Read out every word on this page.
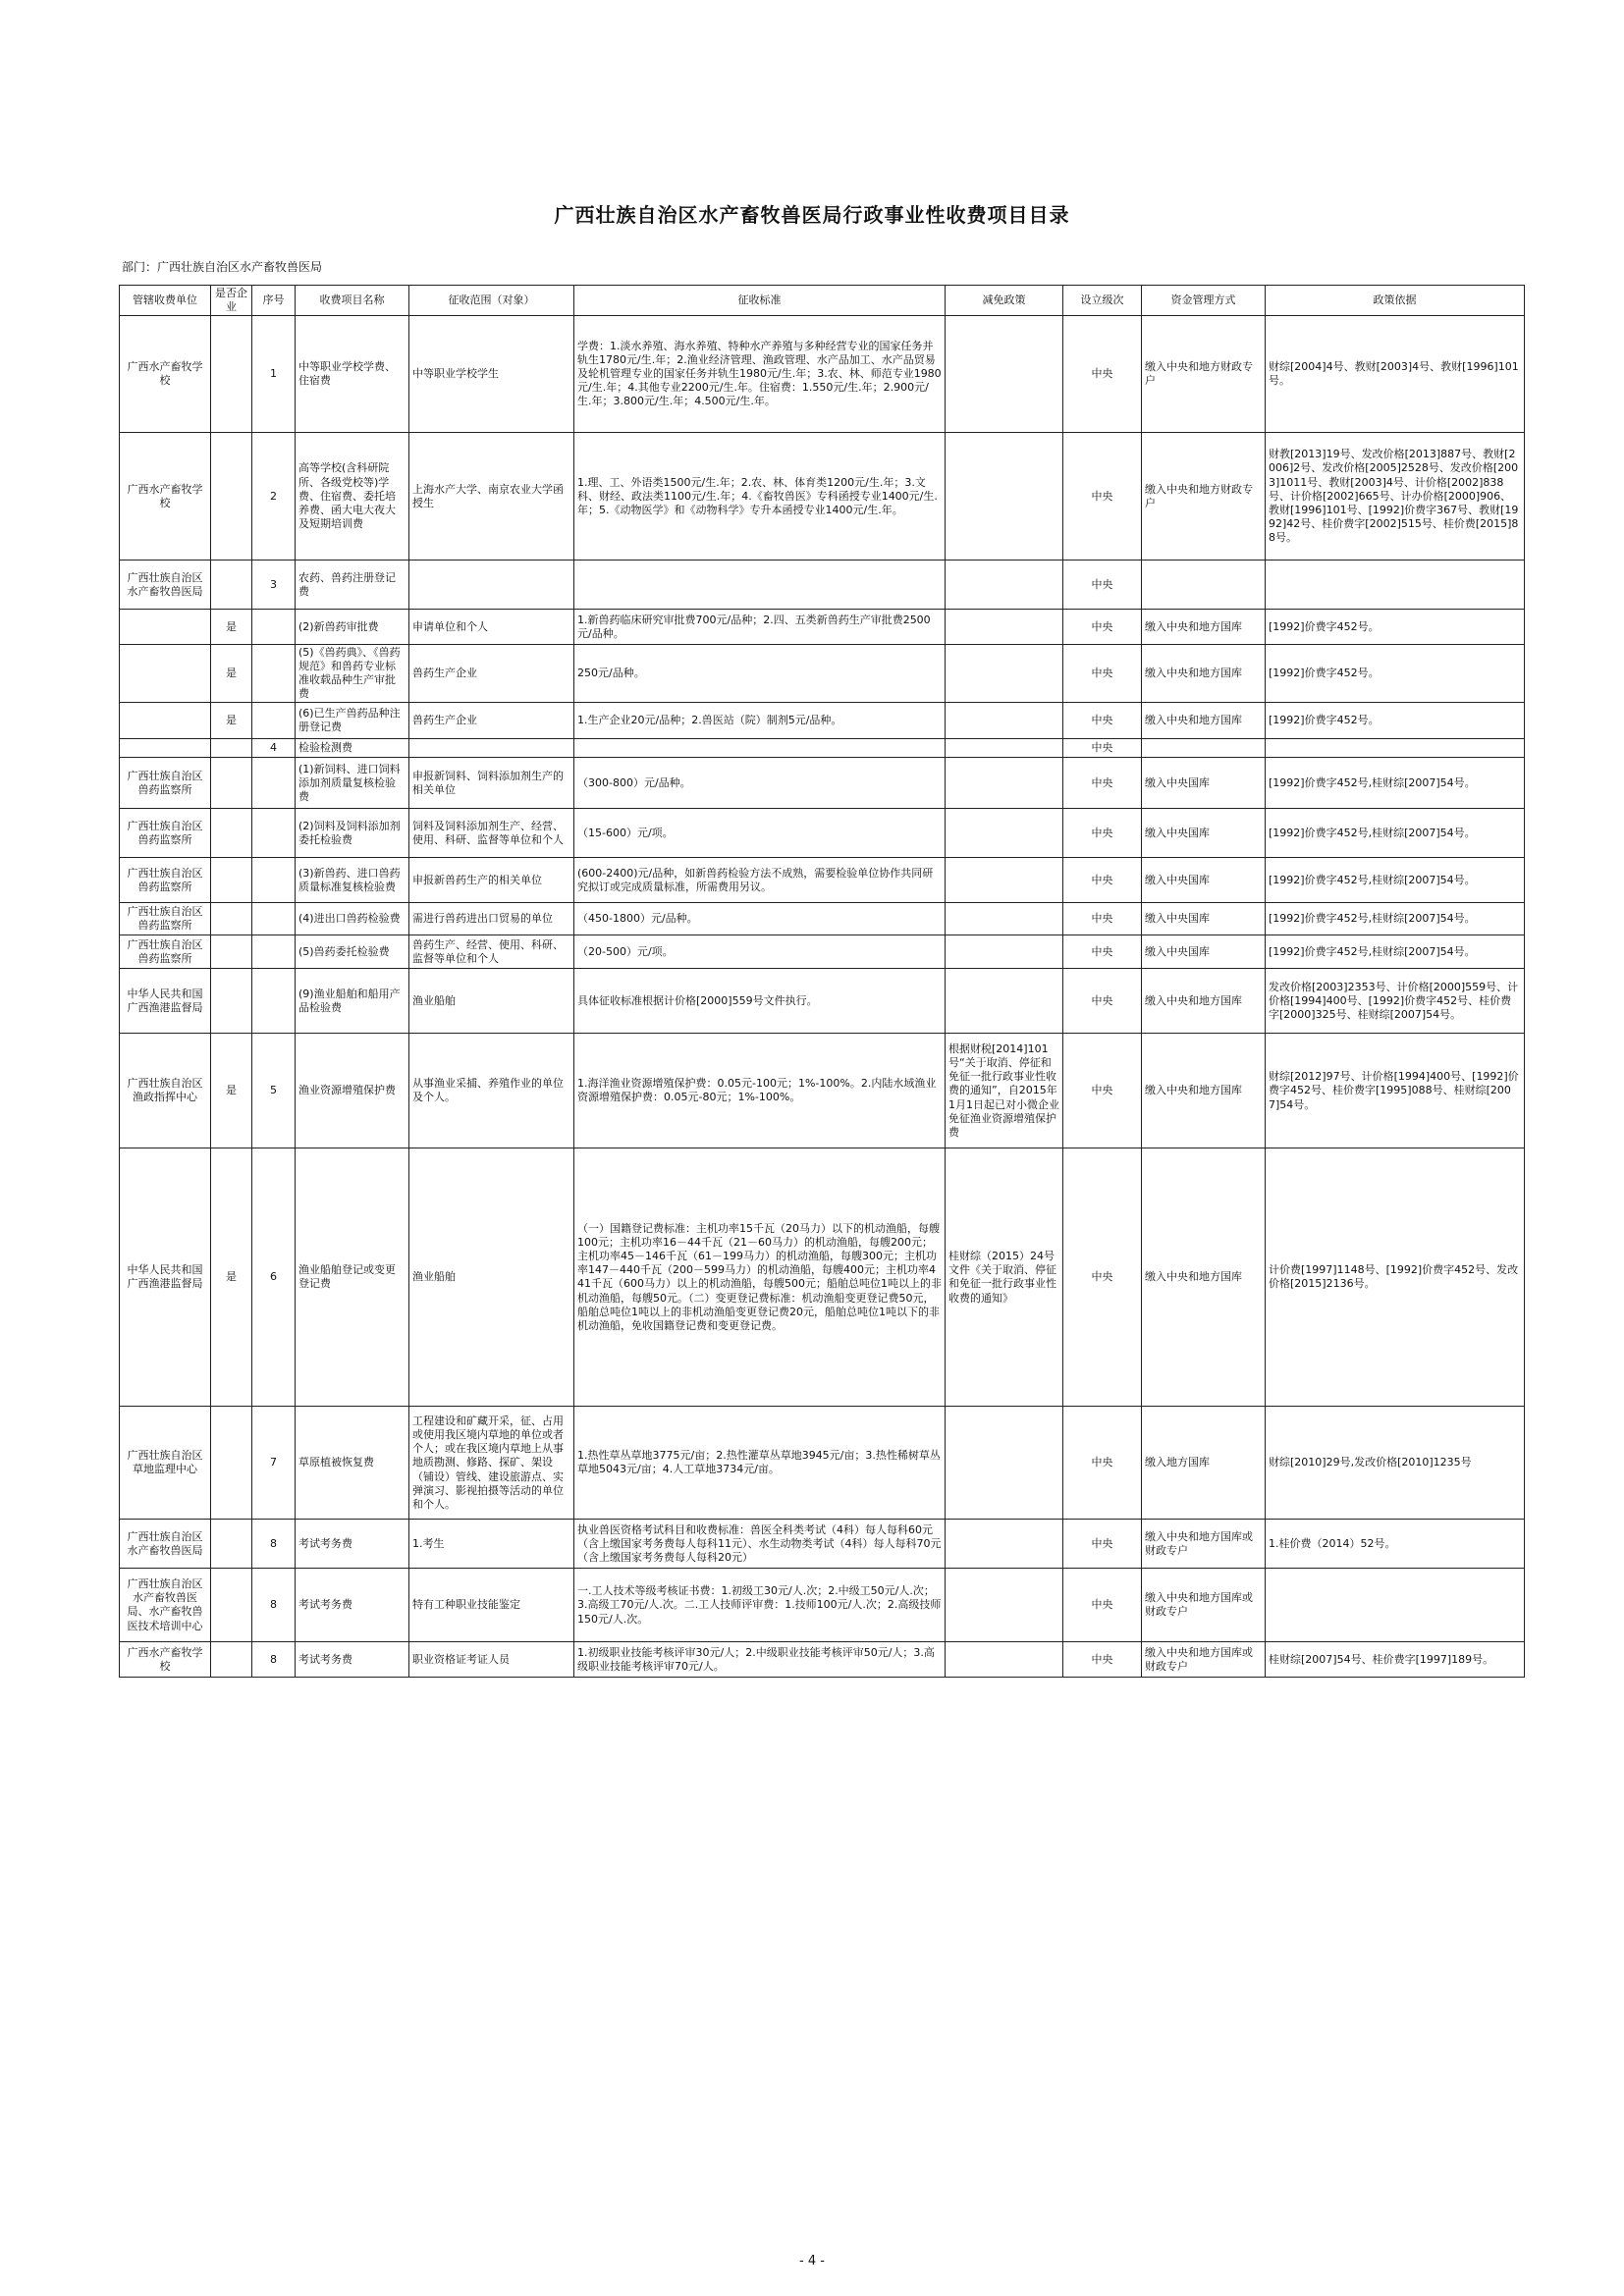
广西壮族自治区水产畜牧兽医局行政事业性收费项目目录
部门：广西壮族自治区水产畜牧兽医局
管辖收费单位	是否企业	序号	收费项目名称	征收范围（对象）	征收标准	减免政策	设立级次	资金管理方式	政策依据
广西水产畜牧学校		1	中等职业学校学费、住宿费	中等职业学校学生	学费：1.淡水养殖、海水养殖、特种水产养殖与多种经营专业的国家任务并轨生1780元/生.年；2.渔业经济管理、渔政管理、水产品加工、水产品贸易及轮机管理专业的国家任务并轨生1980元/生.年；3.农、林、师范专业1980元/生.年；4.其他专业2200元/生.年。住宿费：1.550元/生.年；2.900元/生.年；3.800元/生.年；4.500元/生.年。		中央	缴入中央和地方财政专户	财综[2004]4号、教财[2003]4号、教财[1996]101号。
广西水产畜牧学校		2	高等学校(含科研院所、各级党校等)学费、住宿费、委托培养费、函大电大夜大及短期培训费	上海水产大学、南京农业大学函授生	1.理、工、外语类1500元/生.年；2.农、林、体育类1200元/生.年；3.文科、财经、政法类1100元/生.年；4.《畜牧兽医》专科函授专业1400元/生.年；5.《动物医学》和《动物科学》专升本函授专业1400元/生.年。		中央	缴入中央和地方财政专户	财教[2013]19号、发改价格[2013]887号、教财[2006]2号、发改价格[2005]2528号、发改价格[2003]1011号、教财[2003]4号、计价格[2002]838号、计价格[2002]665号、计办价格[2000]906、教财[1996]101号、[1992]价费字367号、教财[1992]42号、桂价费字[2002]515号、桂价费[2015]88号。
广西壮族自治区水产畜牧兽医局		3	农药、兽药注册登记费				中央		
	是		(2)新兽药审批费	申请单位和个人	1.新兽药临床研究审批费700元/品种；2.四、五类新兽药生产审批费2500元/品种。		中央	缴入中央和地方国库	[1992]价费字452号。
	是		(5)《兽药典》、《兽药规范》和兽药专业标准收载品种生产审批费	兽药生产企业	250元/品种。		中央	缴入中央和地方国库	[1992]价费字452号。
	是		(6)已生产兽药品种注册登记费	兽药生产企业	1.生产企业20元/品种；2.兽医站（院）制剂5元/品种。		中央	缴入中央和地方国库	[1992]价费字452号。
		4	检验检测费				中央		
广西壮族自治区兽药监察所			(1)新饲料、进口饲料添加剂质量复核检验费	申报新饲料、饲料添加剂生产的相关单位	（300-800）元/品种。		中央	缴入中央国库	[1992]价费字452号,桂财综[2007]54号。
广西壮族自治区兽药监察所			(2)饲料及饲料添加剂委托检验费	饲料及饲料添加剂生产、经营、使用、科研、监督等单位和个人	（15-600）元/项。		中央	缴入中央国库	[1992]价费字452号,桂财综[2007]54号。
广西壮族自治区兽药监察所			(3)新兽药、进口兽药质量标准复核检验费	申报新兽药生产的相关单位	(600-2400)元/品种，如新兽药检验方法不成熟，需要检验单位协作共同研究拟订或完成质量标准，所需费用另议。		中央	缴入中央国库	[1992]价费字452号,桂财综[2007]54号。
广西壮族自治区兽药监察所			(4)进出口兽药检验费	需进行兽药进出口贸易的单位	（450-1800）元/品种。		中央	缴入中央国库	[1992]价费字452号,桂财综[2007]54号。
广西壮族自治区兽药监察所			(5)兽药委托检验费	兽药生产、经营、使用、科研、监督等单位和个人	（20-500）元/项。		中央	缴入中央国库	[1992]价费字452号,桂财综[2007]54号。
中华人民共和国广西渔港监督局			(9)渔业船舶和船用产品检验费	渔业船舶	具体征收标准根据计价格[2000]559号文件执行。		中央	缴入中央和地方国库	发改价格[2003]2353号、计价格[2000]559号、计价格[1994]400号、[1992]价费字452号、桂价费字[2000]325号、桂财综[2007]54号。
广西壮族自治区渔政指挥中心	是	5	渔业资源增殖保护费	从事渔业采捕、养殖作业的单位及个人。	1.海洋渔业资源增殖保护费：0.05元-100元；1%-100%。2.内陆水域渔业资源增殖保护费：0.05元-80元；1%-100%。	根据财税[2014]101号“关于取消、停征和免征一批行政事业性收费的通知”，自2015年1月1日起已对小微企业免征渔业资源增殖保护费	中央	缴入中央和地方国库	财综[2012]97号、计价格[1994]400号、[1992]价费字452号、桂价费字[1995]088号、桂财综[2007]54号。
中华人民共和国广西渔港监督局	是	6	渔业船舶登记或变更登记费	渔业船舶	（一）国籍登记费标准：主机功率15千瓦（20马力）以下的机动渔船，每艘100元；主机功率16－44千瓦（21－60马力）的机动渔船，每艘200元；主机功率45－146千瓦（61－199马力）的机动渔船，每艘300元；主机功率147－440千瓦（200－599马力）的机动渔船，每艘400元；主机功率441千瓦（600马力）以上的机动渔船，每艘500元；船舶总吨位1吨以上的非机动渔船，每艘50元。（二）变更登记费标准：机动渔船变更登记费50元，船舶总吨位1吨以上的非机动渔船变更登记费20元，船舶总吨位1吨以下的非机动渔船，免收国籍登记费和变更登记费。	桂财综（2015）24号文件《关于取消、停征和免征一批行政事业性收费的通知》	中央	缴入中央和地方国库	计价费[1997]1148号、[1992]价费字452号、发改价格[2015]2136号。
广西壮族自治区草地监理中心		7	草原植被恢复费	工程建设和矿藏开采，征、占用或使用我区境内草地的单位或者个人；或在我区境内草地上从事地质勘测、修路、探矿、架设（铺设）管线、建设旅游点、实弹演习、影视拍摄等活动的单位和个人。	1.热性草丛草地3775元/亩；2.热性灌草丛草地3945元/亩；3.热性稀树草丛草地5043元/亩；4.人工草地3734元/亩。		中央	缴入地方国库	财综[2010]29号,发改价格[2010]1235号
广西壮族自治区水产畜牧兽医局		8	考试考务费	1.考生	执业兽医资格考试科目和收费标准：兽医全科类考试（4科）每人每科60元（含上缴国家考务费每人每科11元）、水生动物类考试（4科）每人每科70元（含上缴国家考务费每人每科20元）		中央	缴入中央和地方国库或财政专户	1.桂价费（2014）52号。
广西壮族自治区水产畜牧兽医局、水产畜牧兽医技术培训中心		8	考试考务费	特有工种职业技能鉴定	一.工人技术等级考核证书费：1.初级工30元/人.次；2.中级工50元/人.次；3.高级工70元/人.次。二.工人技师评审费：1.技师100元/人.次；2.高级技师150元/人.次。		中央	缴入中央和地方国库或财政专户	
广西水产畜牧学校		8	考试考务费	职业资格证考证人员	1.初级职业技能考核评审30元/人；2.中级职业技能考核评审50元/人；3.高级职业技能考核评审70元/人。		中央	缴入中央和地方国库或财政专户	桂财综[2007]54号、桂价费字[1997]189号。
- 4 -
